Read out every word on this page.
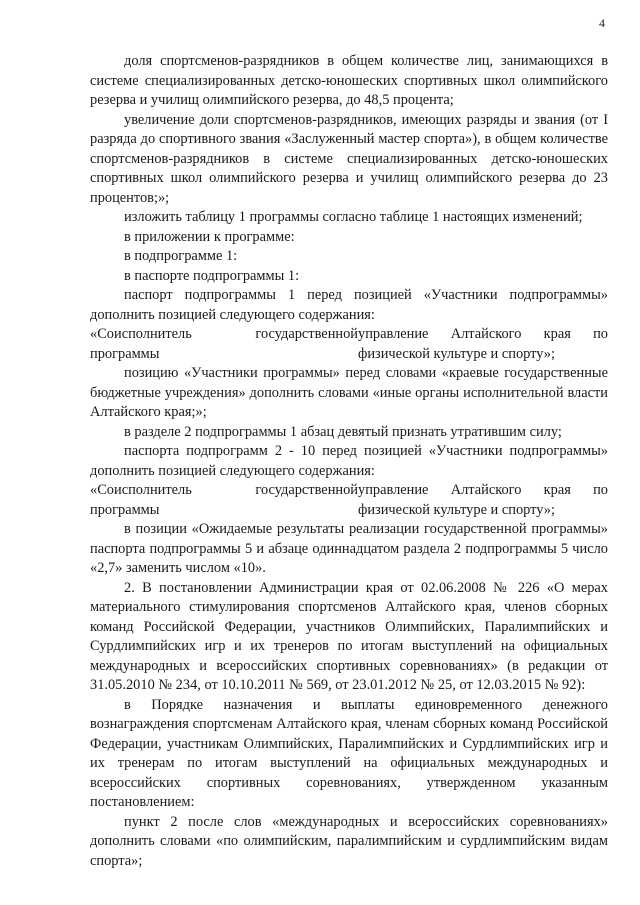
4

доля спортсменов-разрядников в общем количестве лиц, занимающихся в системе специализированных детско-юношеских спортивных школ олимпийского резерва и училищ олимпийского резерва, до 48,5 процента;

увеличение доли спортсменов-разрядников, имеющих разряды и звания (от I разряда до спортивного звания «Заслуженный мастер спорта»), в общем количестве спортсменов-разрядников в системе специализированных детско-юношеских спортивных школ олимпийского резерва и училищ олимпийского резерва до 23 процентов;»;

изложить таблицу 1 программы согласно таблице 1 настоящих изменений;

в приложении к программе:

в подпрограмме 1:

в паспорте подпрограммы 1:

паспорт подпрограммы 1 перед позицией «Участники подпрограммы» дополнить позицией следующего содержания:

«Соисполнитель государственной программы

управление Алтайского края по физической культуре и спорту»;

позицию «Участники программы» перед словами «краевые государственные бюджетные учреждения» дополнить словами «иные органы исполнительной власти Алтайского края;»;

в разделе 2 подпрограммы 1 абзац девятый признать утратившим силу;

паспорта подпрограмм 2 - 10 перед позицией «Участники подпрограммы» дополнить позицией следующего содержания:

«Соисполнитель государственной программы

управление Алтайского края по физической культуре и спорту»;

в позиции «Ожидаемые результаты реализации государственной программы» паспорта подпрограммы 5 и абзаце одиннадцатом раздела 2 подпрограммы 5 число «2,7» заменить числом «10».

2. В постановлении Администрации края от 02.06.2008 № 226 «О мерах материального стимулирования спортсменов Алтайского края, членов сборных команд Российской Федерации, участников Олимпийских, Паралимпийских и Сурдлимпийских игр и их тренеров по итогам выступлений на официальных международных и всероссийских спортивных соревнованиях» (в редакции от 31.05.2010 № 234, от 10.10.2011 № 569, от 23.01.2012 № 25, от 12.03.2015 № 92):

в Порядке назначения и выплаты единовременного денежного вознаграждения спортсменам Алтайского края, членам сборных команд Российской Федерации, участникам Олимпийских, Паралимпийских и Сурдлимпийских игр и их тренерам по итогам выступлений на официальных международных и всероссийских спортивных соревнованиях, утвержденном указанным постановлением:

пункт 2 после слов «международных и всероссийских соревнованиях» дополнить словами «по олимпийским, паралимпийским и сурдлимпийским видам спорта»;
